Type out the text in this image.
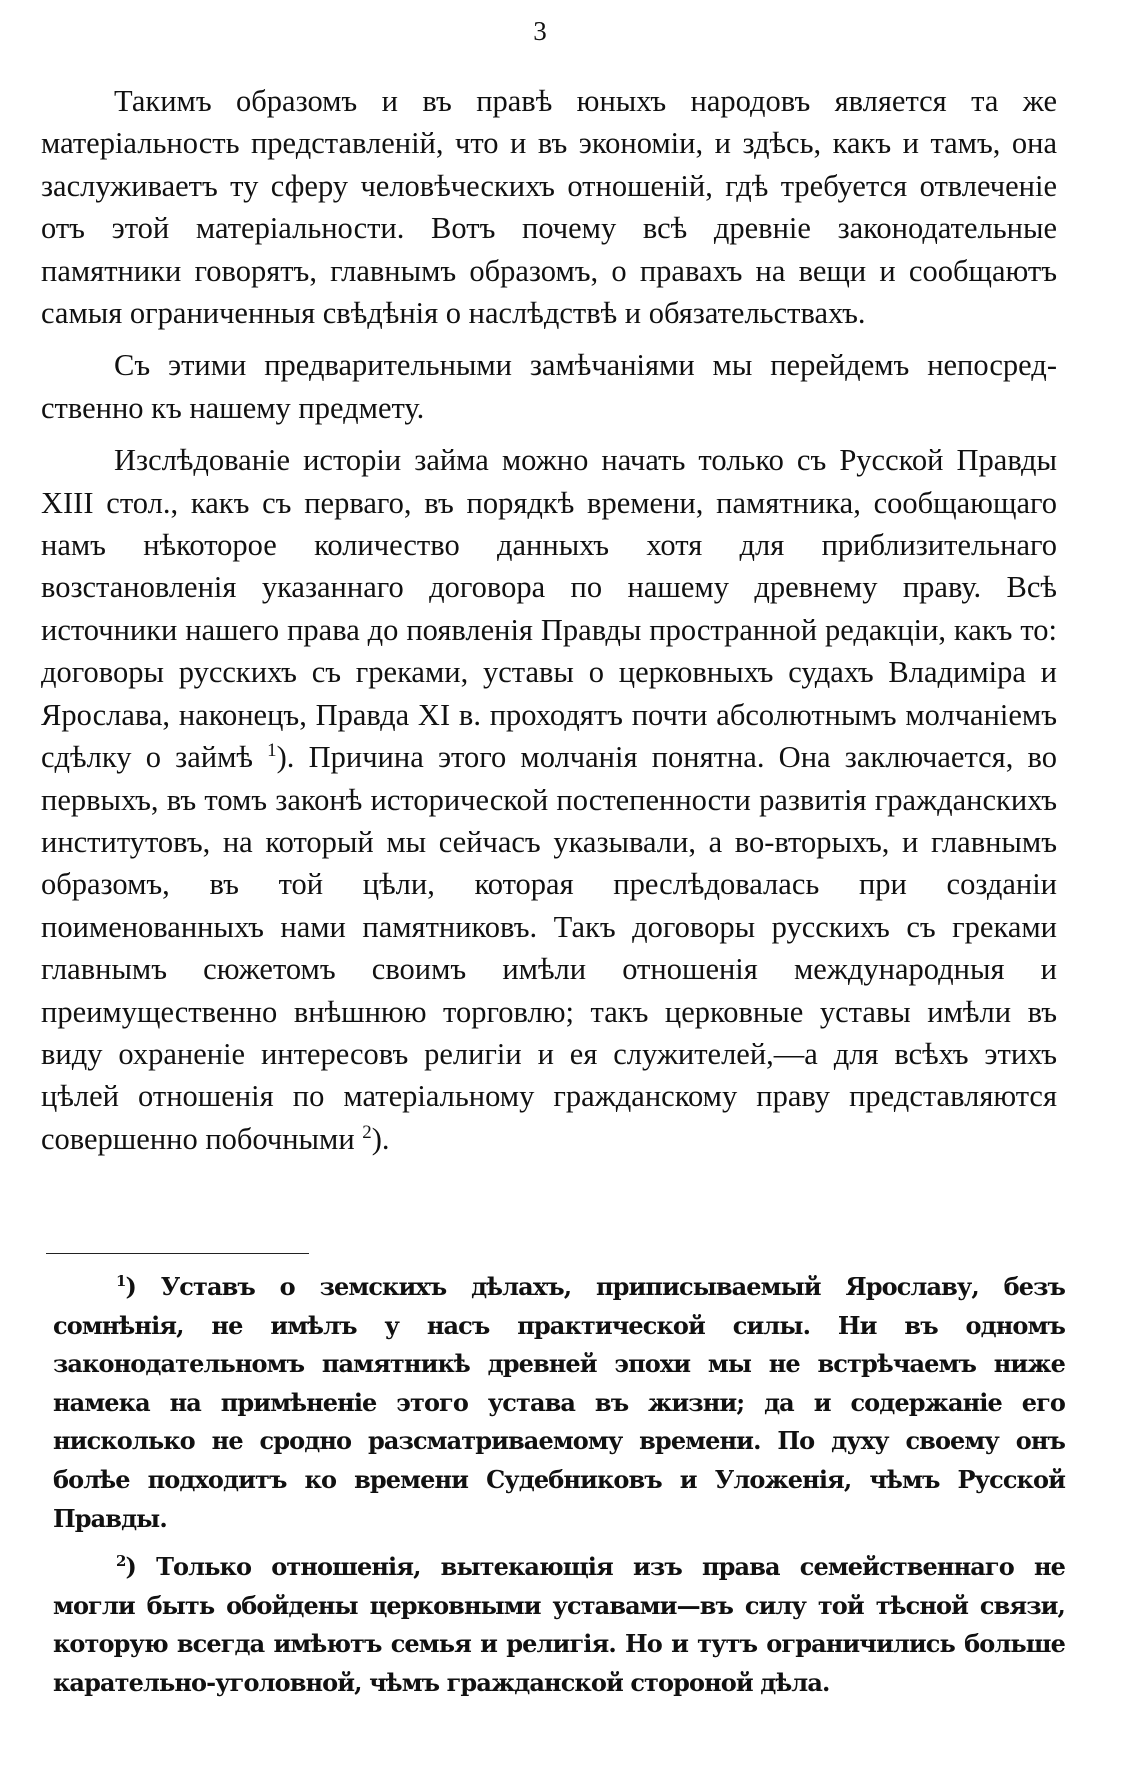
3

Такимъ образомъ и въ правѣ юныхъ народовъ является та же матеріальность представленій, что и въ экономіи, и здѣсь, какъ и тамъ, она заслуживаетъ ту сферу человѣческихъ отношеній, гдѣ требуется отвлеченіе отъ этой матеріальности. Вотъ почему всѣ древніе законодательные памятники говорятъ, главнымъ образомъ, о правахъ на вещи и сообщаютъ самыя ограниченныя свѣдѣнія о наслѣдствѣ и обязательствахъ.

Съ этими предварительными замѣчаніями мы перейдемъ непосредственно къ нашему предмету.

Изслѣдованіе исторіи займа можно начать только съ Русской Правды XIII стол., какъ съ перваго, въ порядкѣ времени, памятника, сообщающаго намъ нѣкоторое количество данныхъ хотя для приблизительнаго возстановленія указаннаго договора по нашему древнему праву. Всѣ источники нашего права до появленія Правды пространной редакціи, какъ то: договоры русскихъ съ греками, уставы о церковныхъ судахъ Владиміра и Ярослава, наконецъ, Правда XI в. проходятъ почти абсолютнымъ молчаніемъ сдѣлку о займѣ $^1$). Причина этого молчанія понятна. Она заключается, во первыхъ, въ томъ законѣ исторической постепенности развитія гражданскихъ институтовъ, на который мы сейчасъ указывали, а во-вторыхъ, и главнымъ образомъ, въ той цѣли, которая преслѣдовалась при созданіи поименованныхъ нами памятниковъ. Такъ договоры русскихъ съ греками главнымъ сюжетомъ своимъ имѣли отношенія международныя и преимущественно внѣшнюю торговлю; такъ церковные уставы имѣли въ виду охраненіе интересовъ религіи и ея служителей,—а для всѣхъ этихъ цѣлей отношенія по матеріальному гражданскому праву представляются совершенно побочными $^2$).

$^1$) Уставъ о земскихъ дѣлахъ, приписываемый Ярославу, безъ сомнѣнія, не имѣлъ у насъ практической силы. Ни въ одномъ законодательномъ памятникѣ древней эпохи мы не встрѣчаемъ ниже намека на примѣненіе этого устава въ жизни; да и содержаніе его нисколько не сродно разсматриваемому времени. По духу своему онъ болѣе подходитъ ко времени Судебниковъ и Уложенія, чѣмъ Русской Правды.

$^2$) Только отношенія, вытекающія изъ права семейственнаго не могли быть обойдены церковными уставами—въ силу той тѣсной связи, которую всегда имѣютъ семья и религія. Но и тутъ ограничились больше карательно-уголовной, чѣмъ гражданской стороной дѣла.
